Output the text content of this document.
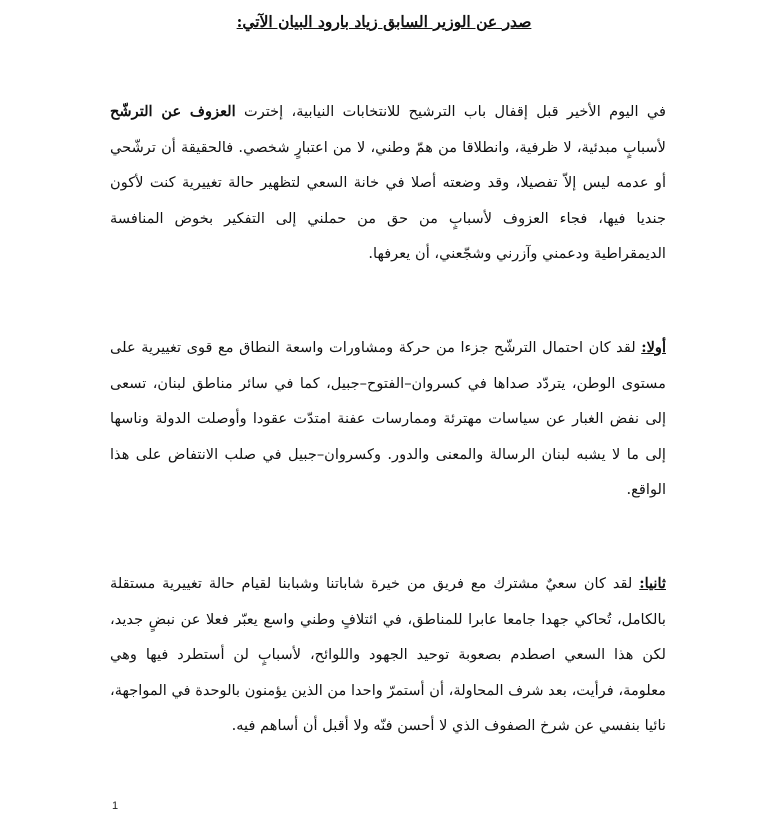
صدر عن الوزير السابق زياد بارود البيان الآتي:

في اليوم الأخير قبل إقفال باب الترشيح للانتخابات النيابية، إخترت العزوف عن الترشّح لأسبابٍ مبدئية، لا ظرفية، وانطلاقا من همّ وطني، لا من اعتبارٍ شخصي. فالحقيقة أن ترشّحي أو عدمه ليس إلاّ تفصيلا، وقد وضعته أصلا في خانة السعي لتظهير حالة تغييرية كنت لأكون جنديا فيها، فجاء العزوف لأسبابٍ من حق من حملني إلى التفكير بخوض المنافسة الديمقراطية ودعمني وآزرني وشجّعني، أن يعرفها.

أولا: لقد كان احتمال الترشّح جزءا من حركة ومشاورات واسعة النطاق مع قوى تغييرية على مستوى الوطن، يتردّد صداها في كسروان–الفتوح–جبيل، كما في سائر مناطق لبنان، تسعى إلى نفض الغبار عن سياسات مهترئة وممارسات عفنة امتدّت عقودا وأوصلت الدولة وناسها إلى ما لا يشبه لبنان الرسالة والمعنى والدور. وكسروان–جبيل في صلب الانتفاض على هذا الواقع.

ثانيا: لقد كان سعيٌ مشترك مع فريق من خيرة شاباتنا وشبابنا لقيام حالة تغييرية مستقلة بالكامل، تُحاكي جهدا جامعا عابرا للمناطق، في ائتلافٍ وطني واسع يعبّر فعلا عن نبضٍ جديد، لكن هذا السعي اصطدم بصعوبة توحيد الجهود واللوائح، لأسبابٍ لن أستطرد فيها وهي معلومة، فرأيت، بعد شرف المحاولة، أن أستمرّ واحدا من الذين يؤمنون بالوحدة في المواجهة، نائيا بنفسي عن شرخ الصفوف الذي لا أحسن فنّه ولا أقبل أن أساهم فيه.

1
